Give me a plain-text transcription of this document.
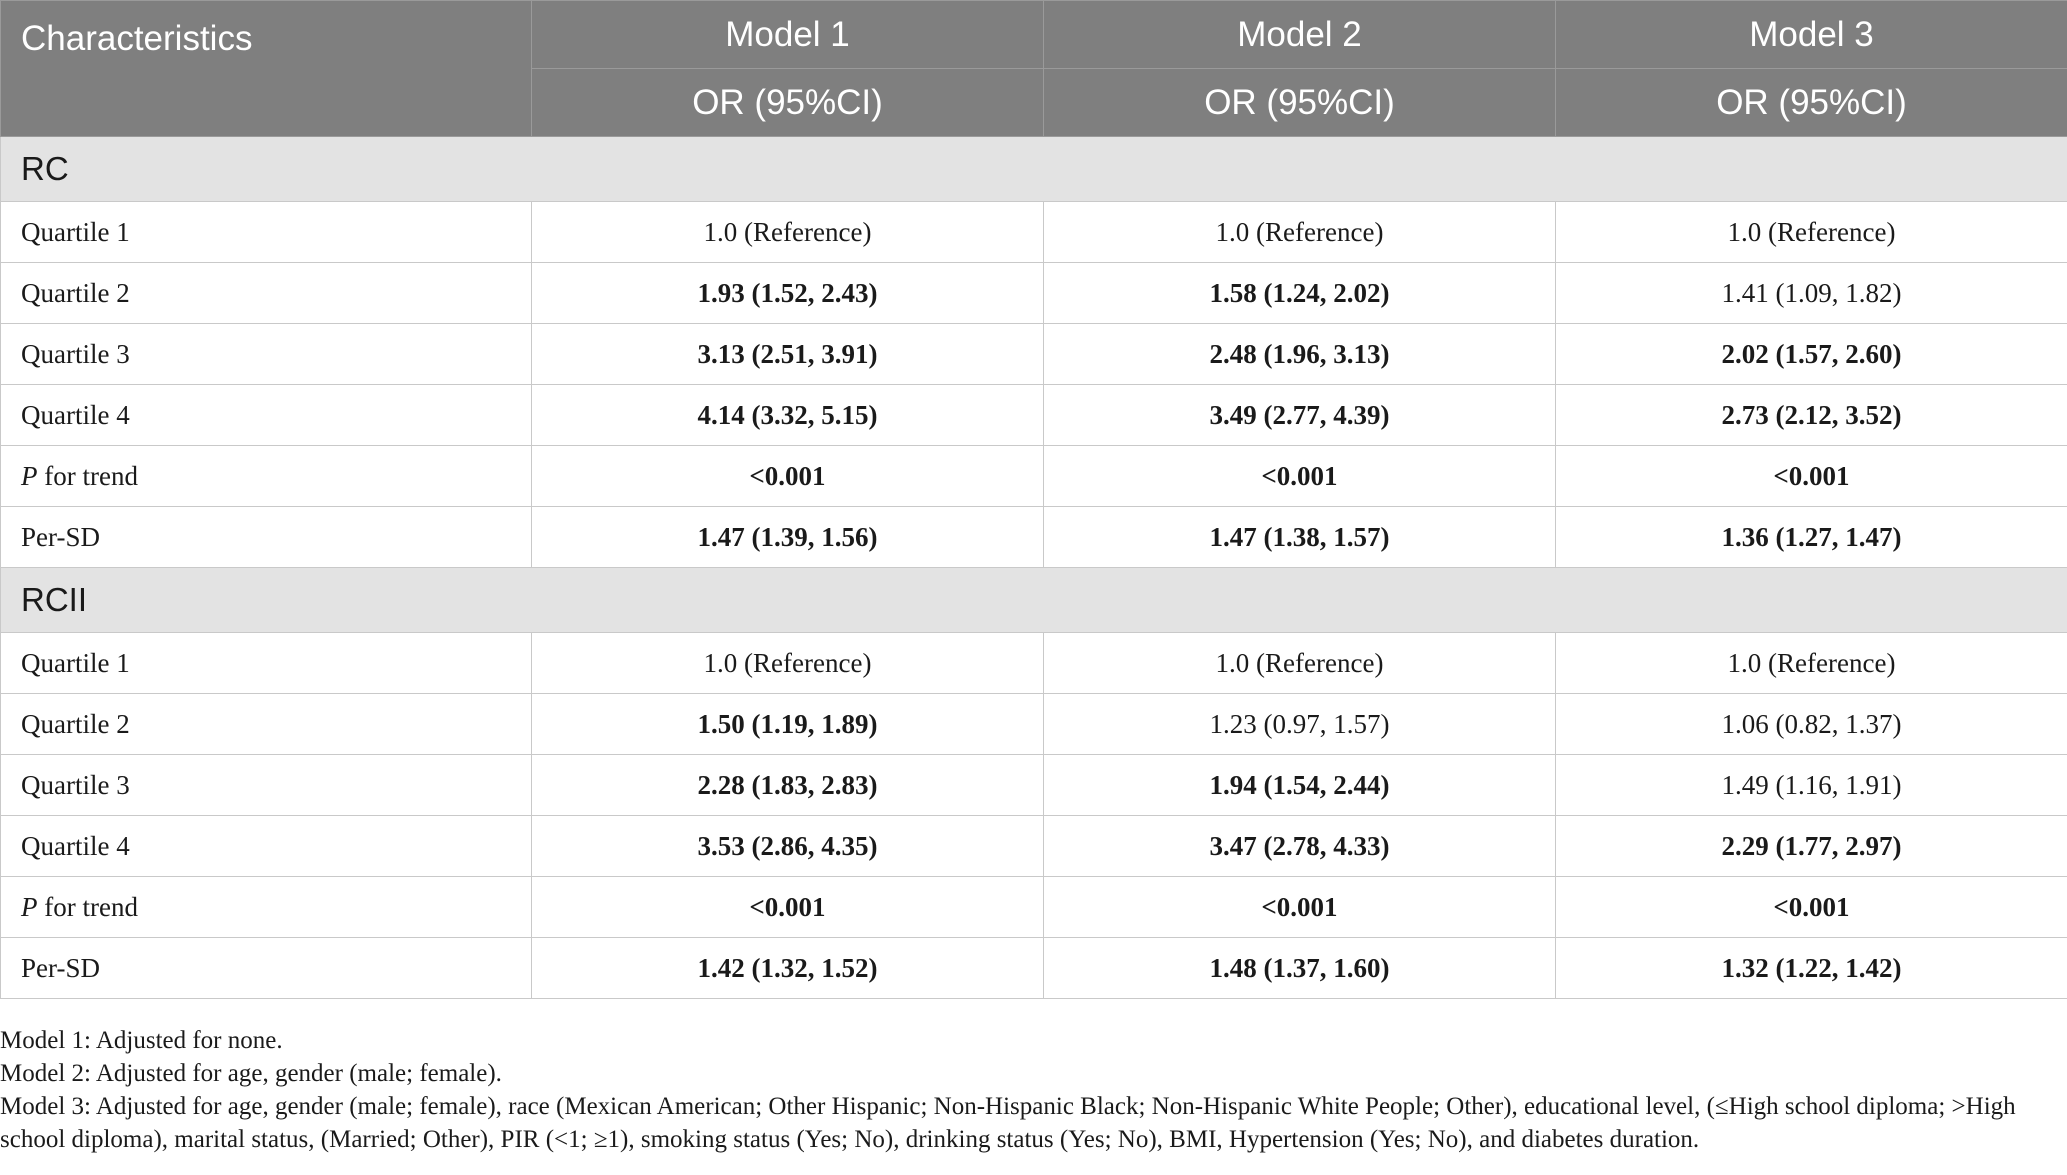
Characteristics	Model 1	Model 2	Model 3
	OR (95%CI)	OR (95%CI)	OR (95%CI)
RC			
Quartile 1	1.0 (Reference)	1.0 (Reference)	1.0 (Reference)
Quartile 2	1.93 (1.52, 2.43)	1.58 (1.24, 2.02)	1.41 (1.09, 1.82)
Quartile 3	3.13 (2.51, 3.91)	2.48 (1.96, 3.13)	2.02 (1.57, 2.60)
Quartile 4	4.14 (3.32, 5.15)	3.49 (2.77, 4.39)	2.73 (2.12, 3.52)
P for trend	<0.001	<0.001	<0.001
Per-SD	1.47 (1.39, 1.56)	1.47 (1.38, 1.57)	1.36 (1.27, 1.47)
RCII			
Quartile 1	1.0 (Reference)	1.0 (Reference)	1.0 (Reference)
Quartile 2	1.50 (1.19, 1.89)	1.23 (0.97, 1.57)	1.06 (0.82, 1.37)
Quartile 3	2.28 (1.83, 2.83)	1.94 (1.54, 2.44)	1.49 (1.16, 1.91)
Quartile 4	3.53 (2.86, 4.35)	3.47 (2.78, 4.33)	2.29 (1.77, 2.97)
P for trend	<0.001	<0.001	<0.001
Per-SD	1.42 (1.32, 1.52)	1.48 (1.37, 1.60)	1.32 (1.22, 1.42)
Model 1: Adjusted for none.
Model 2: Adjusted for age, gender (male; female).
Model 3: Adjusted for age, gender (male; female), race (Mexican American; Other Hispanic; Non-Hispanic Black; Non-Hispanic White People; Other), educational level, (≤High school diploma; >High school diploma), marital status, (Married; Other), PIR (<1; ≥1), smoking status (Yes; No), drinking status (Yes; No), BMI, Hypertension (Yes; No), and diabetes duration.
